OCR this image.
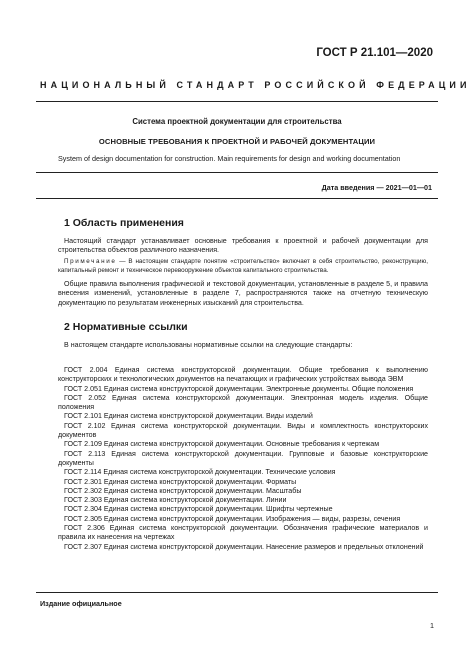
ГОСТ Р 21.101—2020
НАЦИОНАЛЬНЫЙ СТАНДАРТ РОССИЙСКОЙ ФЕДЕРАЦИИ
Система проектной документации для строительства
ОСНОВНЫЕ ТРЕБОВАНИЯ К ПРОЕКТНОЙ И РАБОЧЕЙ ДОКУМЕНТАЦИИ
System of design documentation for construction. Main requirements for design and working documentation
Дата введения — 2021—01—01
1 Область применения
Настоящий стандарт устанавливает основные требования к проектной и рабочей документации для строительства объектов различного назначения.
Примечание — В настоящем стандарте понятие «строительство» включает в себя строительство, реконструкцию, капитальный ремонт и техническое перевооружение объектов капитального строительства.
Общие правила выполнения графической и текстовой документации, установленные в разделе 5, и правила внесения изменений, установленные в разделе 7, распространяются также на отчетную техническую документацию по результатам инженерных изысканий для строительства.
2 Нормативные ссылки
В настоящем стандарте использованы нормативные ссылки на следующие стандарты:

ГОСТ 2.004 Единая система конструкторской документации. Общие требования к выполнению конструкторских и технологических документов на печатающих и графических устройствах вывода ЭВМ

ГОСТ 2.051 Единая система конструкторской документации. Электронные документы. Общие положения

ГОСТ 2.052 Единая система конструкторской документации. Электронная модель изделия. Общие положения

ГОСТ 2.101 Единая система конструкторской документации. Виды изделий

ГОСТ 2.102 Единая система конструкторской документации. Виды и комплектность конструкторских документов

ГОСТ 2.109 Единая система конструкторской документации. Основные требования к чертежам

ГОСТ 2.113 Единая система конструкторской документации. Групповые и базовые конструкторские документы

ГОСТ 2.114 Единая система конструкторской документации. Технические условия

ГОСТ 2.301 Единая система конструкторской документации. Форматы

ГОСТ 2.302 Единая система конструкторской документации. Масштабы

ГОСТ 2.303 Единая система конструкторской документации. Линии

ГОСТ 2.304 Единая система конструкторской документации. Шрифты чертежные

ГОСТ 2.305 Единая система конструкторской документации. Изображения — виды, разрезы, сечения

ГОСТ 2.306 Единая система конструкторской документации. Обозначения графические материалов и правила их нанесения на чертежах

ГОСТ 2.307 Единая система конструкторской документации. Нанесение размеров и предельных отклонений

Издание официальное
1
